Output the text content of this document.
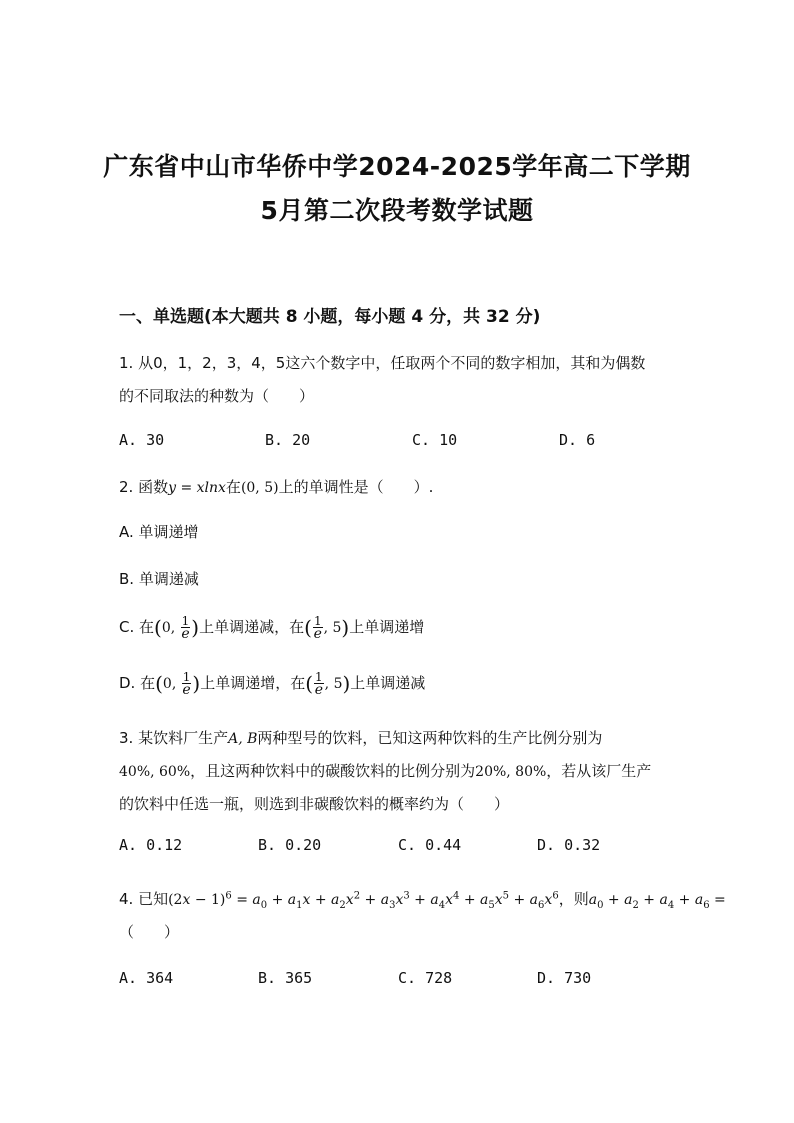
广东省中山市华侨中学2024-2025学年高二下学期
5月第二次段考数学试题
一、单选题(本大题共 8 小题，每小题 4 分，共 32 分)
1. 从0，1，2，3，4，5这六个数字中，任取两个不同的数字相加，其和为偶数
的不同取法的种数为（　　）
A. 30	B. 20	C. 10	D. 6
2. 函数y = xlnx在(0, 5)上的单调性是（　　）.
A. 单调递增
B. 单调递减
C. 在(0, $\frac{1}{e}$ )上单调递减，在( $\frac{1}{e}$ , 5)上单调递增
D. 在(0, $\frac{1}{e}$ )上单调递增，在( $\frac{1}{e}$ , 5)上单调递减
3. 某饮料厂生产A, B两种型号的饮料，已知这两种饮料的生产比例分别为
40%, 60%，且这两种饮料中的碳酸饮料的比例分别为20%, 80%，若从该厂生产
的饮料中任选一瓶，则选到非碳酸饮料的概率约为（　　）
A. 0.12	B. 0.20	C. 0.44	D. 0.32
4. 已知$(2x - 1)^6 = a_0 + a_1x + a_2x^2 + a_3x^3 + a_4x^4 + a_5x^5 + a_6x^6$，则$a_0 + a_2 + a_4 + a_6$ =
（　　）
A. 364	B. 365	C. 728	D. 730
